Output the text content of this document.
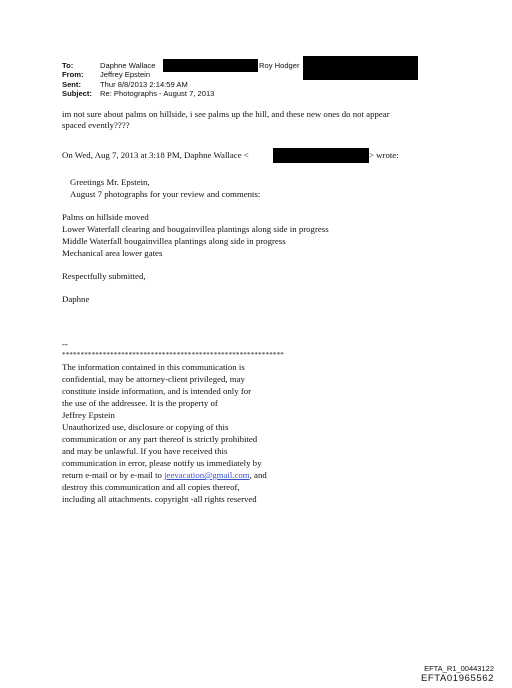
To:	Daphne Wallace	Roy Hodger
From: Jeffrey Epstein
Sent:	Thur 8/8/2013 2:14:59 AM
Subject: Re: Photographs - August 7, 2013
im not sure about palms on hillside, i see palms up the hill, and these new ones do not appear
spaced evently????
On Wed, Aug 7, 2013 at 3:18 PM, Daphne Wallace <	> wrote:
Greetings Mr. Epstein,
August 7 photographs for your review and comments:
Palms on hillside moved
Lower Waterfall clearing and bougainvillea plantings along side in progress
Middle Waterfall bougainvillea plantings along side in progress
Mechanical area lower gates
Respectfully submitted,
Daphne
--
************************************************************
The information contained in this communication is
confidential, may be attorney-client privileged, may
constitute inside information, and is intended only for
the use of the addressee. It is the property of
Jeffrey Epstein
Unauthorized use, disclosure or copying of this
communication or any part thereof is strictly prohibited
and may be unlawful. If you have received this
communication in error, please notify us immediately by
return e-mail or by e-mail to jeevacation@gmail.com, and
destroy this communication and all copies thereof,
including all attachments. copyright -all rights reserved
EFTA_R1_00443122
EFTA01965562
